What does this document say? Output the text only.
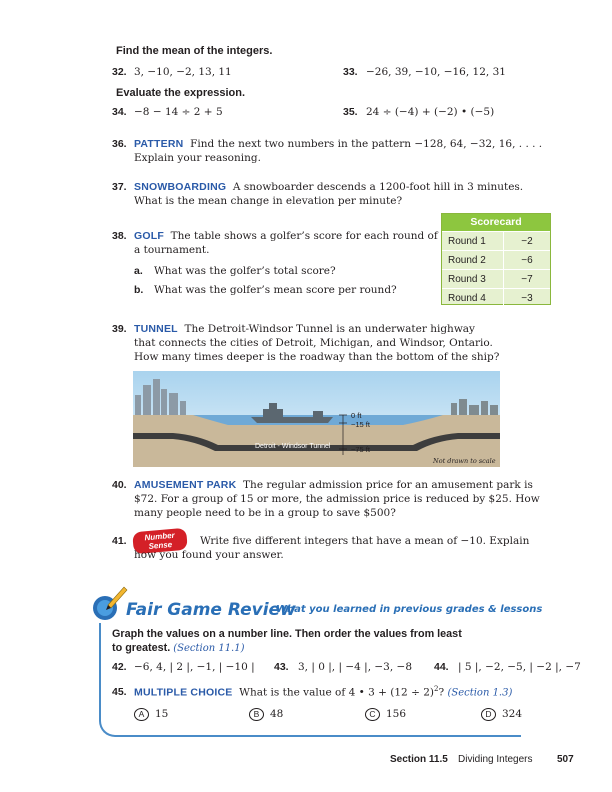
Find the mean of the integers.
32. 3, −10, −2, 13, 11	33. −26, 39, −10, −16, 12, 31
Evaluate the expression.
34. −8 − 14 ÷ 2 + 5	35. 24 ÷ (−4) + (−2) • (−5)
36. PATTERN Find the next two numbers in the pattern −128, 64, −32, 16, . . . .
Explain your reasoning.
37. SNOWBOARDING A snowboarder descends a 1200-foot hill in 3 minutes.
What is the mean change in elevation per minute?
38. GOLF The table shows a golfer’s score for each round of
a tournament.
a. What was the golfer’s total score?
b. What was the golfer’s mean score per round?
Scorecard
Round 1	−2
Round 2	−6
Round 3	−7
Round 4	−3
39. TUNNEL The Detroit-Windsor Tunnel is an underwater highway
that connects the cities of Detroit, Michigan, and Windsor, Ontario.
How many times deeper is the roadway than the bottom of the ship?
0 ft
−15 ft
−75 ft
Detroit - Windsor Tunnel
Not drawn to scale
40. AMUSEMENT PARK The regular admission price for an amusement park is
$72. For a group of 15 or more, the admission price is reduced by $25. How
many people need to be in a group to save $500?
41.	Number
Sense	Write five different integers that have a mean of −10. Explain
how you found your answer.
Fair Game Review
What you learned in previous grades & lessons
Graph the values on a number line. Then order the values from least
to greatest. (Section 11.1)
42. −6, 4, | 2 |, −1, | −10 | 43. 3, | 0 |, | −4 |, −3, −8 44. | 5 |, −2, −5, | −2 |, −7
45. MULTIPLE CHOICE What is the value of 4 • $3 + (12 \div 2)^2$? (Section 1.3)
A 15	B 48	C 156	D 324
Section 11.5 Dividing Integers 507
